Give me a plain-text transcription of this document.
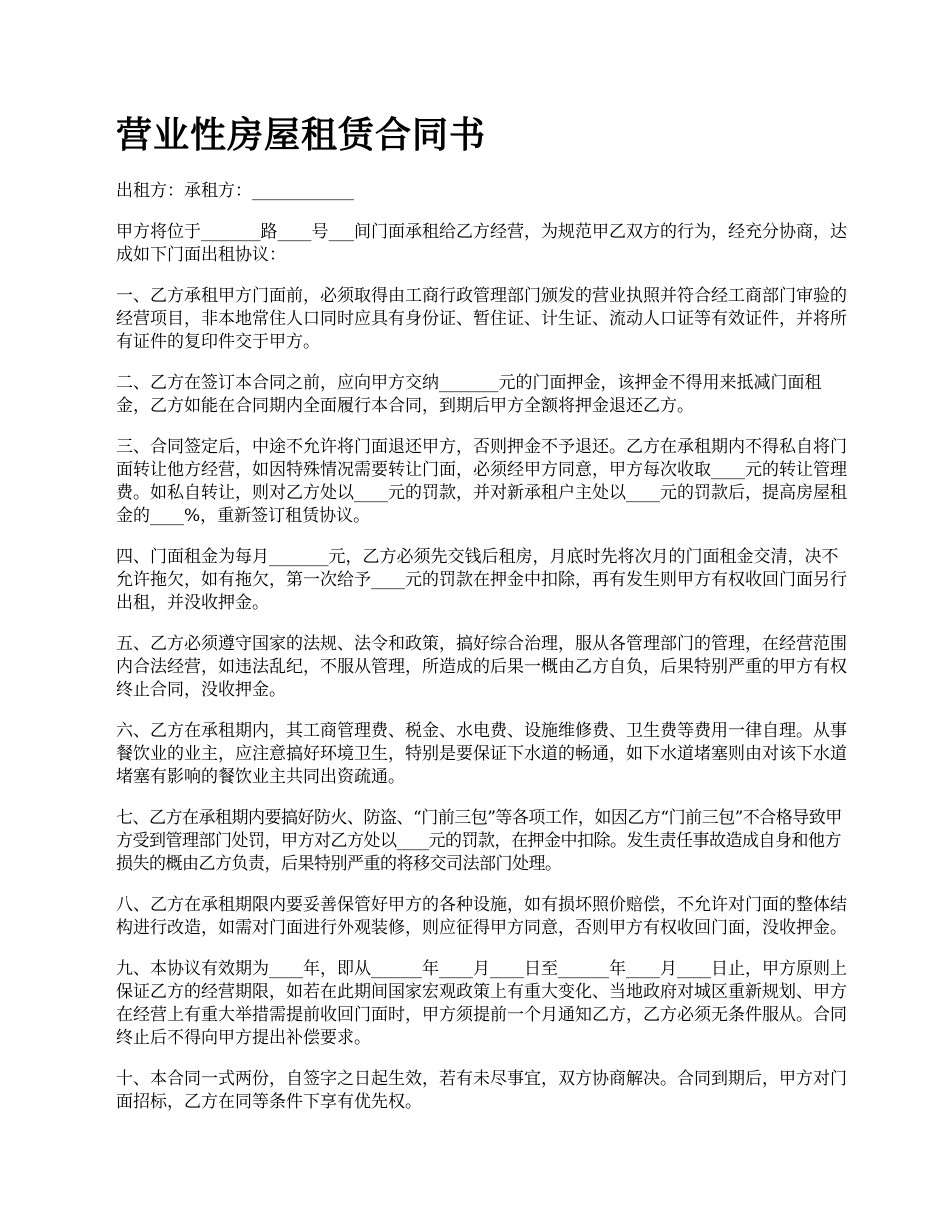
营业性房屋租赁合同书

出租方：承租方：____________

甲方将位于_______路____号___间门面承租给乙方经营，为规范甲乙双方的行为，经充分协商，达成如下门面出租协议：

一、乙方承租甲方门面前，必须取得由工商行政管理部门颁发的营业执照并符合经工商部门审验的经营项目，非本地常住人口同时应具有身份证、暂住证、计生证、流动人口证等有效证件，并将所有证件的复印件交于甲方。

二、乙方在签订本合同之前，应向甲方交纳_______元的门面押金，该押金不得用来抵减门面租金，乙方如能在合同期内全面履行本合同，到期后甲方全额将押金退还乙方。

三、合同签定后，中途不允许将门面退还甲方，否则押金不予退还。乙方在承租期内不得私自将门面转让他方经营，如因特殊情况需要转让门面，必须经甲方同意，甲方每次收取____元的转让管理费。如私自转让，则对乙方处以____元的罚款，并对新承租户主处以____元的罚款后，提高房屋租金的____%，重新签订租赁协议。

四、门面租金为每月_______元，乙方必须先交钱后租房，月底时先将次月的门面租金交清，决不允许拖欠，如有拖欠，第一次给予____元的罚款在押金中扣除，再有发生则甲方有权收回门面另行出租，并没收押金。

五、乙方必须遵守国家的法规、法令和政策，搞好综合治理，服从各管理部门的管理，在经营范围内合法经营，如违法乱纪，不服从管理，所造成的后果一概由乙方自负，后果特别严重的甲方有权终止合同，没收押金。

六、乙方在承租期内，其工商管理费、税金、水电费、设施维修费、卫生费等费用一律自理。从事餐饮业的业主，应注意搞好环境卫生，特别是要保证下水道的畅通，如下水道堵塞则由对该下水道堵塞有影响的餐饮业主共同出资疏通。

七、乙方在承租期内要搞好防火、防盗、“门前三包”等各项工作，如因乙方“门前三包”不合格导致甲方受到管理部门处罚，甲方对乙方处以____元的罚款，在押金中扣除。发生责任事故造成自身和他方损失的概由乙方负责，后果特别严重的将移交司法部门处理。

八、乙方在承租期限内要妥善保管好甲方的各种设施，如有损坏照价赔偿，不允许对门面的整体结构进行改造，如需对门面进行外观装修，则应征得甲方同意，否则甲方有权收回门面，没收押金。

九、本协议有效期为____年，即从______年____月____日至______年____月____日止，甲方原则上保证乙方的经营期限，如若在此期间国家宏观政策上有重大变化、当地政府对城区重新规划、甲方在经营上有重大举措需提前收回门面时，甲方须提前一个月通知乙方，乙方必须无条件服从。合同终止后不得向甲方提出补偿要求。

十、本合同一式两份，自签字之日起生效，若有未尽事宜，双方协商解决。合同到期后，甲方对门面招标，乙方在同等条件下享有优先权。
